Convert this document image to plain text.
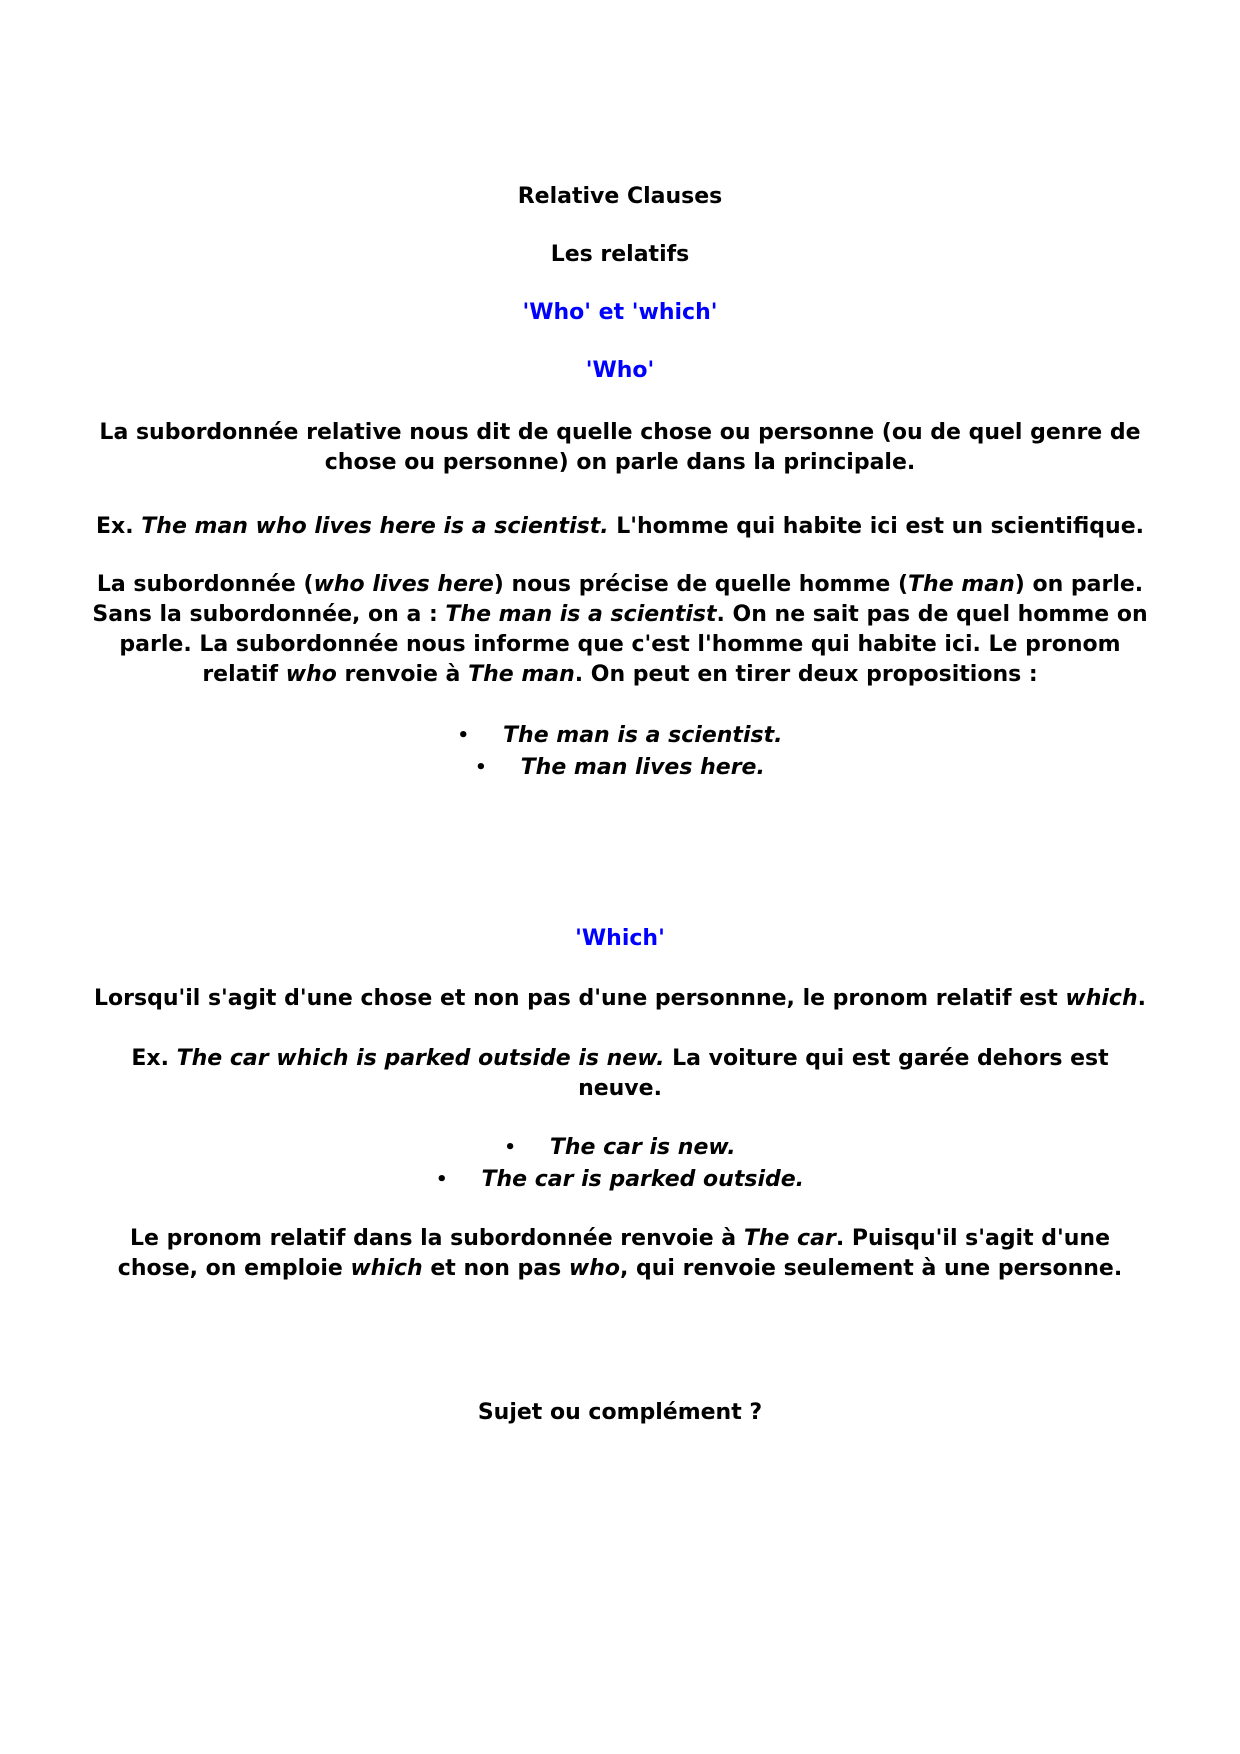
Relative Clauses

Les relatifs

'Who' et 'which'

'Who'

La subordonnée relative nous dit de quelle chose ou personne (ou de quel genre de chose ou personne) on parle dans la principale.

Ex. The man who lives here is a scientist. L'homme qui habite ici est un scientifique.

La subordonnée (who lives here) nous précise de quelle homme (The man) on parle. Sans la subordonnée, on a : The man is a scientist. On ne sait pas de quel homme on parle. La subordonnée nous informe que c'est l'homme qui habite ici. Le pronom relatif who renvoie à The man. On peut en tirer deux propositions :

• The man is a scientist.
• The man lives here.

'Which'

Lorsqu'il s'agit d'une chose et non pas d'une personnne, le pronom relatif est which.

Ex. The car which is parked outside is new. La voiture qui est garée dehors est neuve.

• The car is new.
• The car is parked outside.

Le pronom relatif dans la subordonnée renvoie à The car. Puisqu'il s'agit d'une chose, on emploie which et non pas who, qui renvoie seulement à une personne.

Sujet ou complément ?
